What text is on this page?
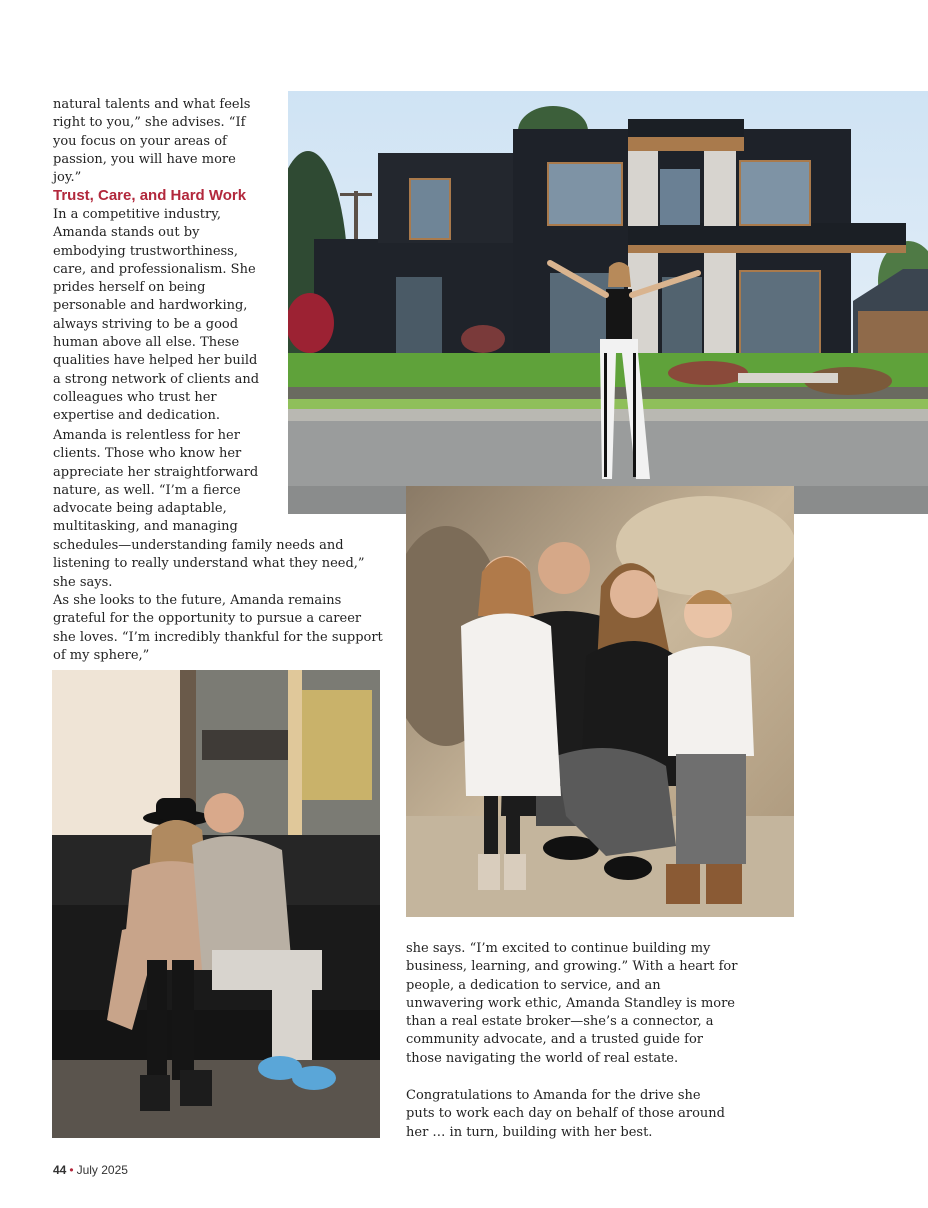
natural talents and what feels right to you,” she advises. “If you focus on your areas of passion, you will have more joy.”

Trust, Care, and Hard Work

In a competitive industry, Amanda stands out by embodying trustworthiness, care, and professionalism. She prides herself on being personable and hardworking, always striving to be a good human above all else. These qualities have helped her build a strong network of clients and colleagues who trust her expertise and dedication.

Amanda is relentless for her clients. Those who know her appreciate her straightforward nature, as well. “I’m a fierce advocate being adaptable, multitasking, and managing

schedules—understanding family needs and listening to really understand what they need,” she says.

As she looks to the future, Amanda remains grateful for the opportunity to pursue a career she loves. “I’m incredibly thankful for the support of my sphere,”

she says. “I’m excited to continue building my business, learning, and growing.” With a heart for people, a dedication to service, and an unwavering work ethic, Amanda Standley is more than a real estate broker—she’s a connector, a community advocate, and a trusted guide for those navigating the world of real estate.

Congratulations to Amanda for the drive she puts to work each day on behalf of those around her … in turn, building with her best.

44 • July 2025
